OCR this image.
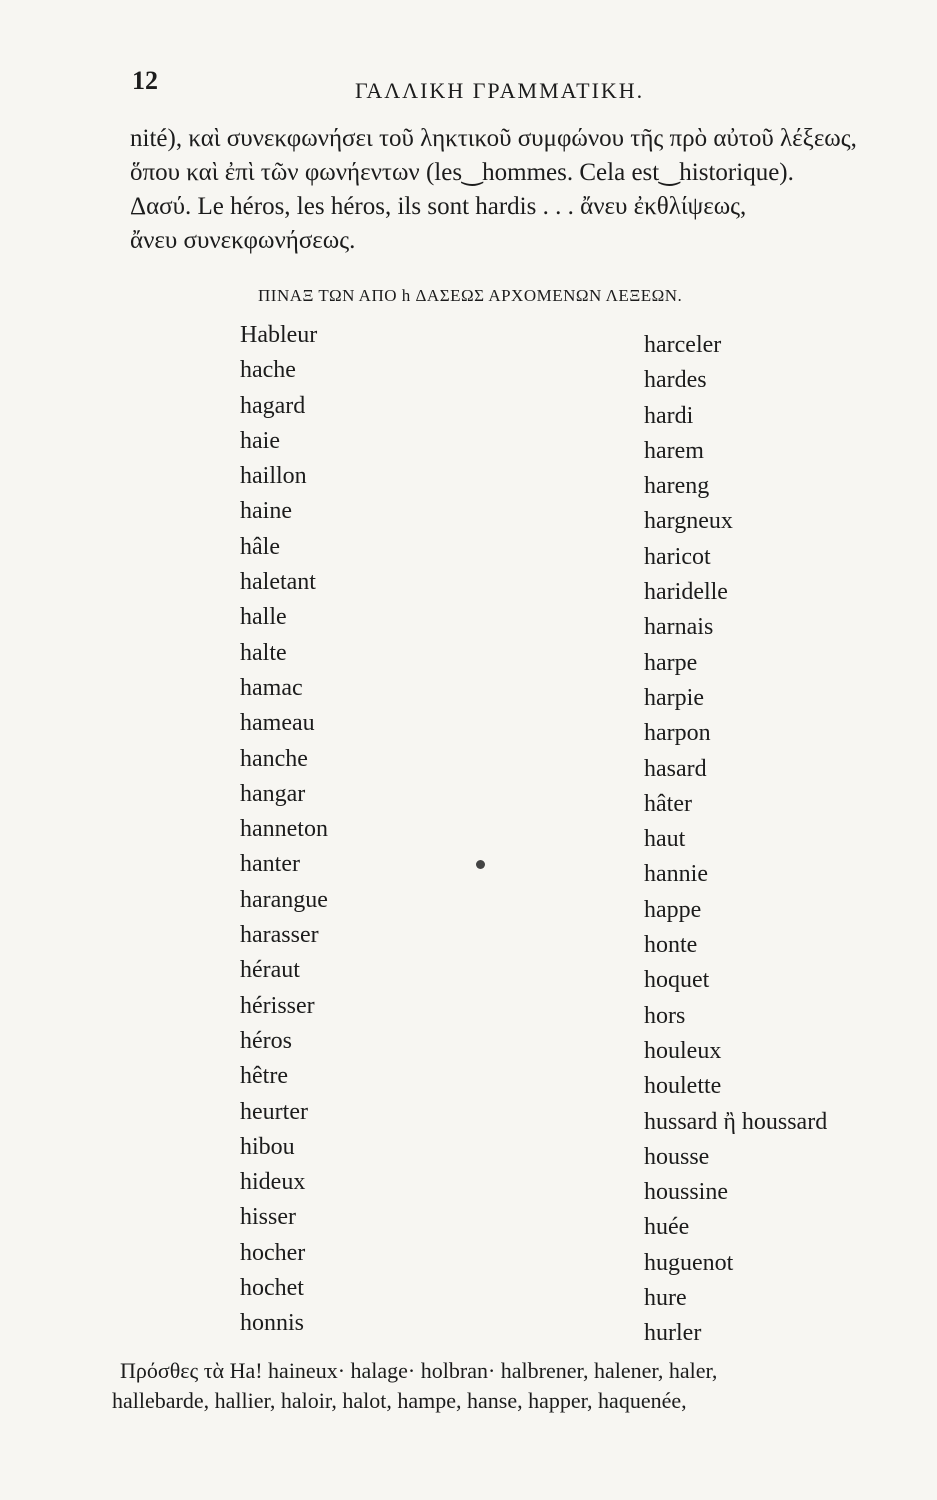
12	ΓΑΛΛΙΚΗ ΓΡΑΜΜΑΤΙΚΗ.

nité), καὶ συνεκφωνήσει τοῦ ληκτικοῦ συμφώνου τῆς πρὸ αὐτοῦ λέξεως,
ὅπου καὶ ἐπὶ τῶν φωνήεντων (les‿hommes. Cela est‿historique).
Δασύ. Le héros, les héros, ils sont hardis . . . ἄνευ ἐκθλίψεως,
ἄνευ συνεκφωνήσεως.

ΠΙΝΑΞ ΤΩΝ ΑΠΟ h ΔΑΣΕΩΣ ΑΡΧΟΜΕΝΩΝ ΛΕΞΕΩΝ.
Hableur
hache
hagard
haie
haillon
haine
hâle
haletant
halle
halte
hamac
hameau
hanche
hangar
hanneton
hanter
harangue
harasser
héraut
hérisser
héros
hêtre
heurter
hibou
hideux
hisser
hocher
hochet
honnis
harceler
hardes
hardi
harem
hareng
hargneux
haricot
haridelle
harnais
harpe
harpie
harpon
hasard
hâter
haut
hannie
happe
honte
hoquet
hors
houleux
houlette
hussard ἢ houssard
housse
houssine
huée
huguenot
hure
hurler

Πρόσθες τὰ Ha! haineux· halage· holbran· halbrener, halener, haler,
hallebarde, hallier, haloir, halot, hampe, hanse, happer, haquenée,
